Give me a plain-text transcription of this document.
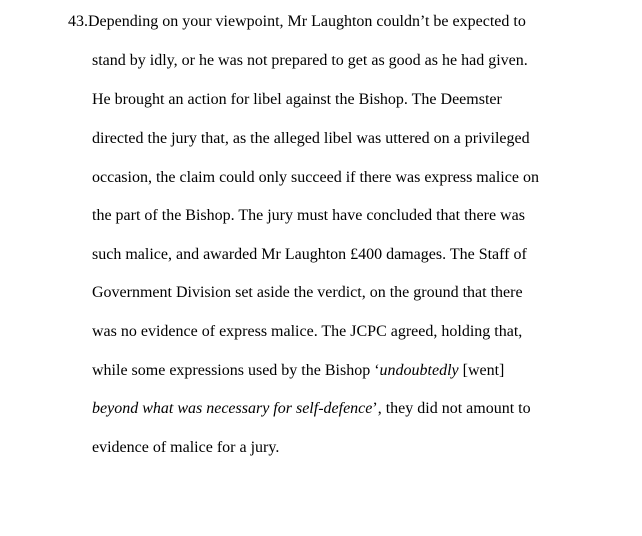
43.Depending on your viewpoint, Mr Laughton couldn’t be expected to
stand by idly, or he was not prepared to get as good as he had given.
He brought an action for libel against the Bishop. The Deemster
directed the jury that, as the alleged libel was uttered on a privileged
occasion, the claim could only succeed if there was express malice on
the part of the Bishop. The jury must have concluded that there was
such malice, and awarded Mr Laughton £400 damages. The Staff of
Government Division set aside the verdict, on the ground that there
was no evidence of express malice. The JCPC agreed, holding that,
while some expressions used by the Bishop ‘undoubtedly [went]
beyond what was necessary for self-defence’, they did not amount to
evidence of malice for a jury.
